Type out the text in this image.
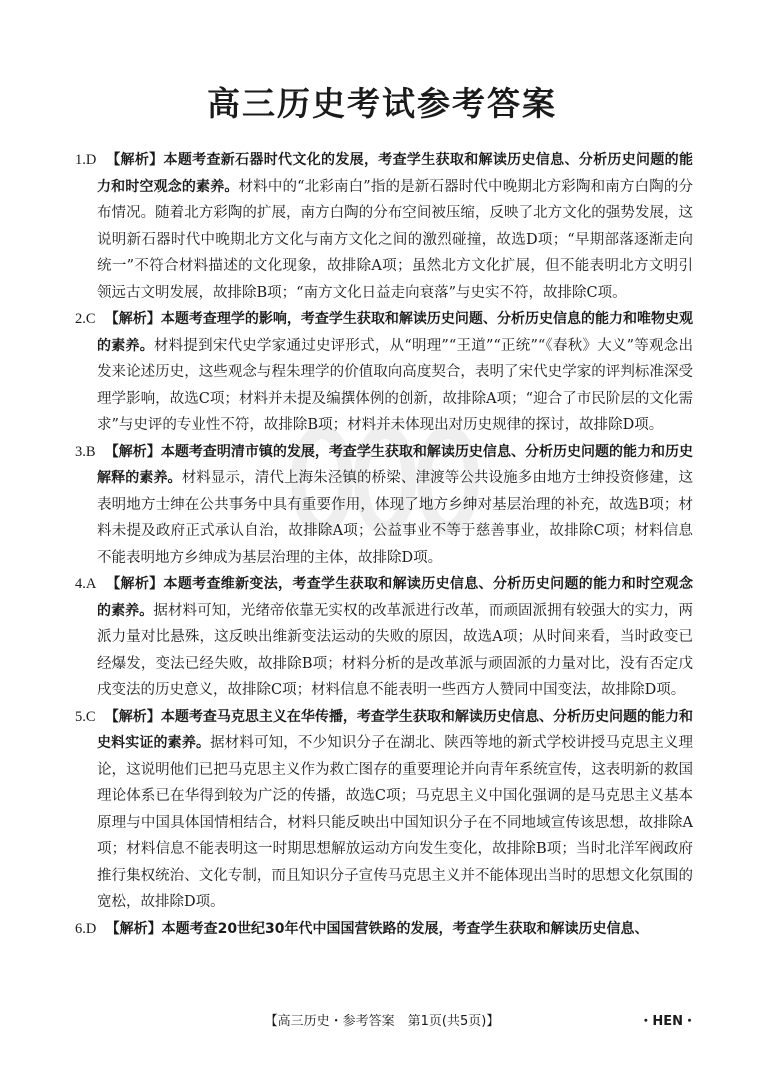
高三历史考试参考答案

1.D 【解析】本题考查新石器时代文化的发展，考查学生获取和解读历史信息、分析历史问题的能力和时空观念的素养。材料中的“北彩南白”指的是新石器时代中晚期北方彩陶和南方白陶的分布情况。随着北方彩陶的扩展，南方白陶的分布空间被压缩，反映了北方文化的强势发展，这说明新石器时代中晚期北方文化与南方文化之间的激烈碰撞，故选D项；“早期部落逐渐走向统一”不符合材料描述的文化现象，故排除A项；虽然北方文化扩展，但不能表明北方文明引领远古文明发展，故排除B项；“南方文化日益走向衰落”与史实不符，故排除C项。

2.C 【解析】本题考查理学的影响，考查学生获取和解读历史问题、分析历史信息的能力和唯物史观的素养。材料提到宋代史学家通过史评形式，从“明理”“王道”“正统”“《春秋》大义”等观念出发来论述历史，这些观念与程朱理学的价值取向高度契合，表明了宋代史学家的评判标准深受理学影响，故选C项；材料并未提及编撰体例的创新，故排除A项；“迎合了市民阶层的文化需求”与史评的专业性不符，故排除B项；材料并未体现出对历史规律的探讨，故排除D项。

3.B 【解析】本题考查明清市镇的发展，考查学生获取和解读历史信息、分析历史问题的能力和历史解释的素养。材料显示，清代上海朱泾镇的桥梁、津渡等公共设施多由地方士绅投资修建，这表明地方士绅在公共事务中具有重要作用，体现了地方乡绅对基层治理的补充，故选B项；材料未提及政府正式承认自治，故排除A项；公益事业不等于慈善事业，故排除C项；材料信息不能表明地方乡绅成为基层治理的主体，故排除D项。

4.A 【解析】本题考查维新变法，考查学生获取和解读历史信息、分析历史问题的能力和时空观念的素养。据材料可知，光绪帝依靠无实权的改革派进行改革，而顽固派拥有较强大的实力，两派力量对比悬殊，这反映出维新变法运动的失败的原因，故选A项；从时间来看，当时政变已经爆发，变法已经失败，故排除B项；材料分析的是改革派与顽固派的力量对比，没有否定戊戌变法的历史意义，故排除C项；材料信息不能表明一些西方人赞同中国变法，故排除D项。

5.C 【解析】本题考查马克思主义在华传播，考查学生获取和解读历史信息、分析历史问题的能力和史料实证的素养。据材料可知，不少知识分子在湖北、陕西等地的新式学校讲授马克思主义理论，这说明他们已把马克思主义作为救亡图存的重要理论并向青年系统宣传，这表明新的救国理论体系已在华得到较为广泛的传播，故选C项；马克思主义中国化强调的是马克思主义基本原理与中国具体国情相结合，材料只能反映出中国知识分子在不同地域宣传该思想，故排除A项；材料信息不能表明这一时期思想解放运动方向发生变化，故排除B项；当时北洋军阀政府推行集权统治、文化专制，而且知识分子宣传马克思主义并不能体现出当时的思想文化氛围的宽松，故排除D项。

6.D 【解析】本题考查20世纪30年代中国国营铁路的发展，考查学生获取和解读历史信息、

【高三历史・参考答案　第1页(共5页)】	・HEN・
